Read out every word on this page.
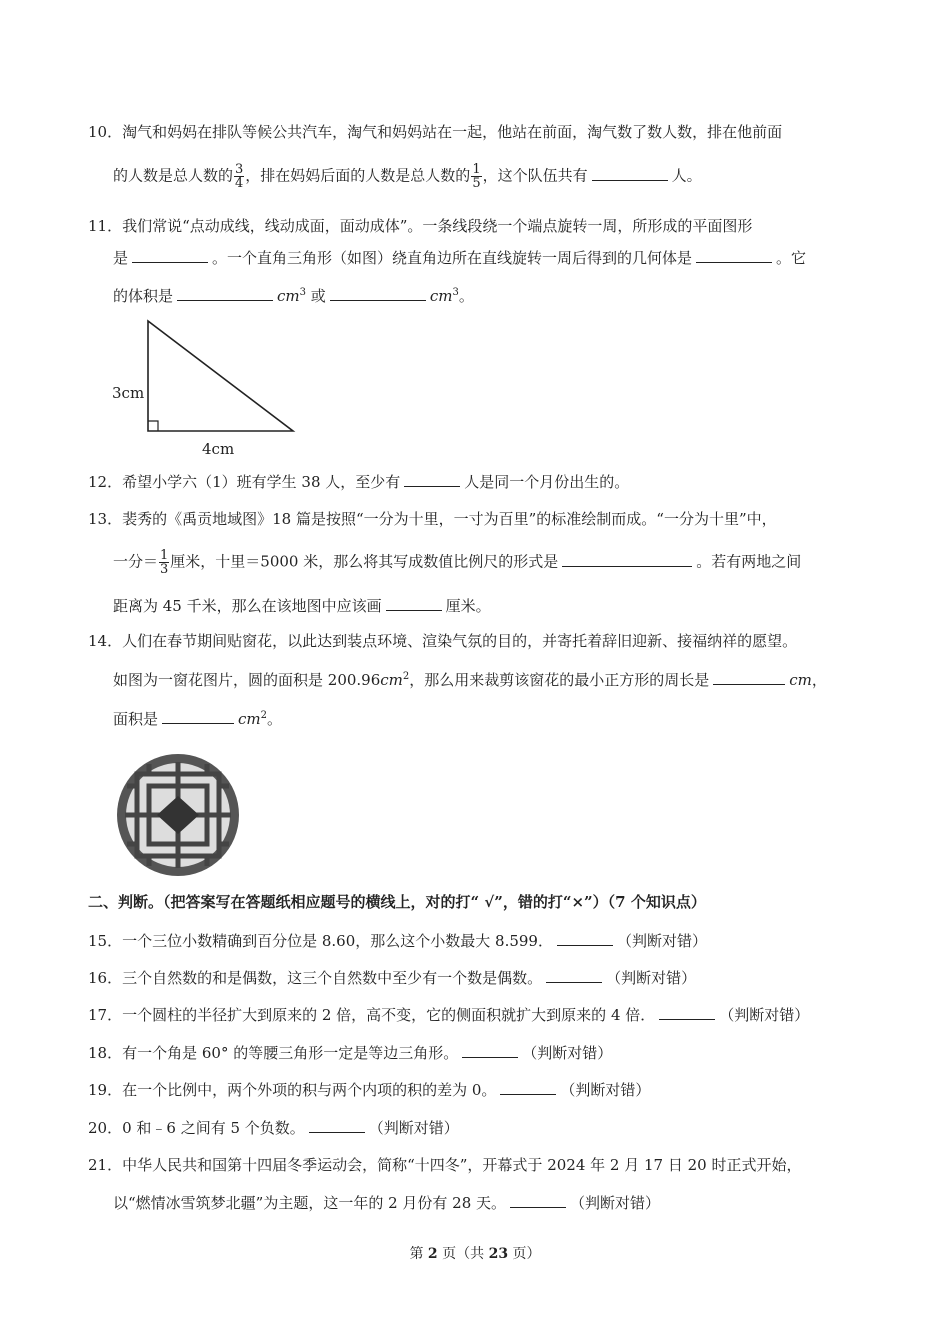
10．淘气和妈妈在排队等候公共汽车，淘气和妈妈站在一起，他站在前面，淘气数了数人数，排在他前面
的人数是总人数的 $\frac{3}{4}$ ，排在妈妈后面的人数是总人数的 $\frac{1}{5}$ ，这个队伍共有	人。
11．我们常说“点动成线，线动成面，面动成体”。一条线段绕一个端点旋转一周，所形成的平面图形
是	。一个直角三角形（如图）绕直角边所在直线旋转一周后得到的几何体是	。它
的体积是	$cm^3$ 或	$cm^3$。
3cm
4cm
12．希望小学六（1）班有学生 38 人，至少有	人是同一个月份出生的。
13．裴秀的《禹贡地域图》18 篇是按照“一分为十里，一寸为百里”的标准绘制而成。“一分为十里”中，
一分＝ $\frac{1}{3}$ 厘米，十里＝5000 米，那么将其写成数值比例尺的形式是	。若有两地之间
距离为 45 千米，那么在该地图中应该画	厘米。
14．人们在春节期间贴窗花，以此达到装点环境、渲染气氛的目的，并寄托着辞旧迎新、接福纳祥的愿望。
如图为一窗花图片，圆的面积是 $200.96cm^2$，那么用来裁剪该窗花的最小正方形的周长是	cm，
面积是	$cm^2$。
二、判断。（把答案写在答题纸相应题号的横线上，对的打“ √”，错的打“×”）（7 个知识点）
15．一个三位小数精确到百分位是 8.60，那么这个小数最大 8.599．	（判断对错）
16．三个自然数的和是偶数，这三个自然数中至少有一个数是偶数。	（判断对错）
17．一个圆柱的半径扩大到原来的 2 倍，高不变，它的侧面积就扩大到原来的 4 倍．	（判断对错）
18．有一个角是 60° 的等腰三角形一定是等边三角形。	（判断对错）
19．在一个比例中，两个外项的积与两个内项的积的差为 0。	（判断对错）
20．0 和﹣6 之间有 5 个负数。	（判断对错）
21．中华人民共和国第十四届冬季运动会，简称“十四冬”，开幕式于 2024 年 2 月 17 日 20 时正式开始，
以“燃情冰雪筑梦北疆”为主题，这一年的 2 月份有 28 天。	（判断对错）
第 2 页（共 23 页）
